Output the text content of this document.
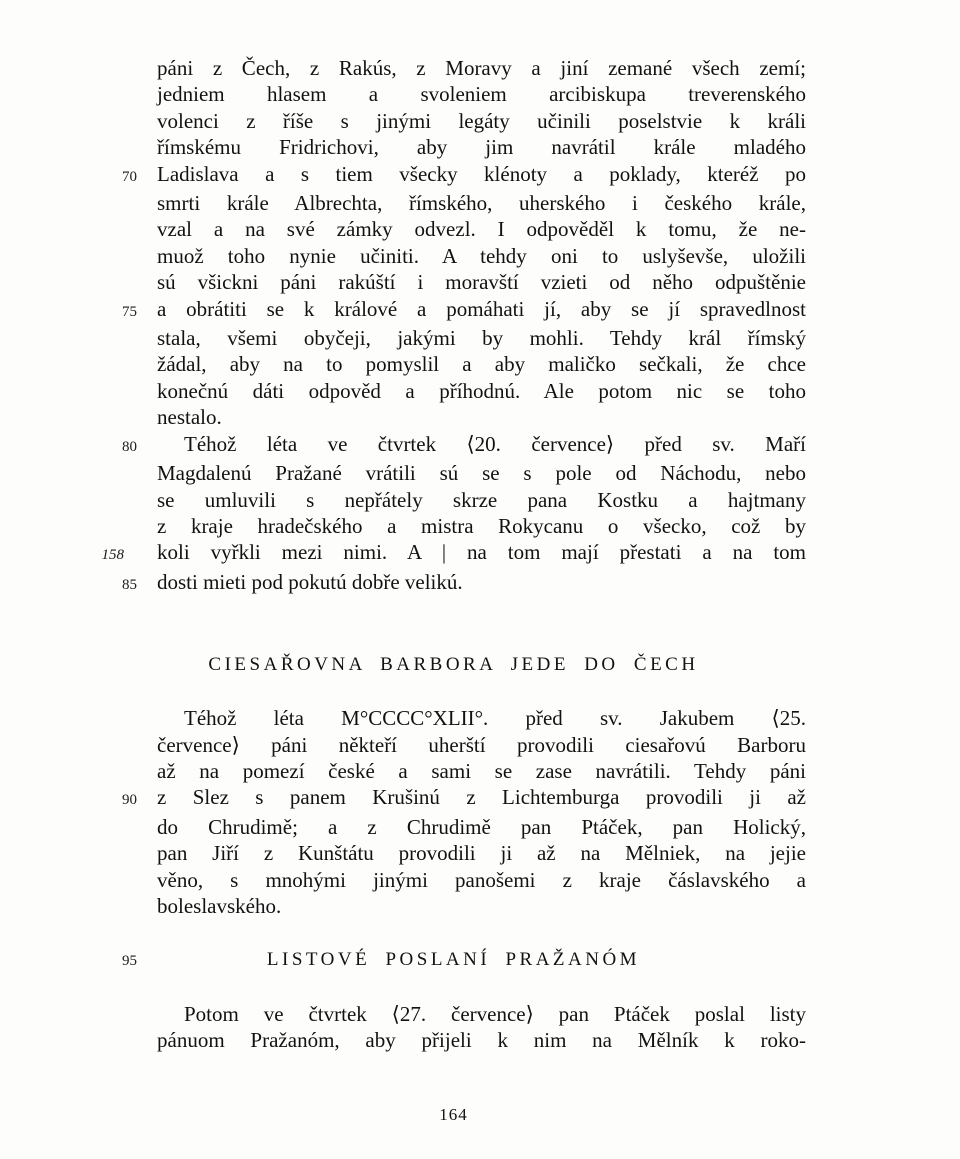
páni z Čech, z Rakús, z Moravy a jiní zemané všech zemí;
jedniem hlasem a svoleniem arcibiskupa treverenského
volenci z říše s jinými legáty učinili poselstvie k králi
římskému Fridrichovi, aby jim navrátil krále mladého
70 Ladislava a s tiem všecky klénoty a poklady, kteréž po
smrti krále Albrechta, římského, uherského i českého krále,
vzal a na své zámky odvezl. I odpověděl k tomu, že ne-
muož toho nynie učiniti. A tehdy oni to uslyševše, uložili
sú všickni páni rakúští i moravští vzieti od něho odpuštěnie
75 a obrátiti se k králové a pomáhati jí, aby se jí spravedlnost
stala, všemi obyčeji, jakými by mohli. Tehdy král římský
žádal, aby na to pomyslil a aby maličko sečkali, že chce
konečnú dáti odpověd a příhodnú. Ale potom nic se toho
nestalo.
80	Téhož léta ve čtvrtek ⟨20. července⟩ před sv. Maří
Magdalenú Pražané vrátili sú se s pole od Náchodu, nebo
se umluvili s nepřátely skrze pana Kostku a hajtmany
z kraje hradečského a mistra Rokycanu o všecko, což by
158	koli vyřkli mezi nimi. A | na tom mají přestati a na tom
85 dosti mieti pod pokutú dobře velikú.
CIESAŘOVNA BARBORA JEDE DO ČECH
Téhož léta M°CCCC°XLII°. před sv. Jakubem ⟨25.
července⟩ páni někteří uherští provodili ciesařovú Barboru
až na pomezí české a sami se zase navrátili. Tehdy páni
90 z Slez s panem Krušinú z Lichtemburga provodili ji až
do Chrudimě; a z Chrudimě pan Ptáček, pan Holický,
pan Jiří z Kunštátu provodili ji až na Mělniek, na jejie
věno, s mnohými jinými panošemi z kraje čáslavského a
boleslavského.
95	LISTOVÉ POSLANÍ PRAŽANÓM
Potom ve čtvrtek ⟨27. července⟩ pan Ptáček poslal listy
pánuom Pražanóm, aby přijeli k nim na Mělník k roko-
164
